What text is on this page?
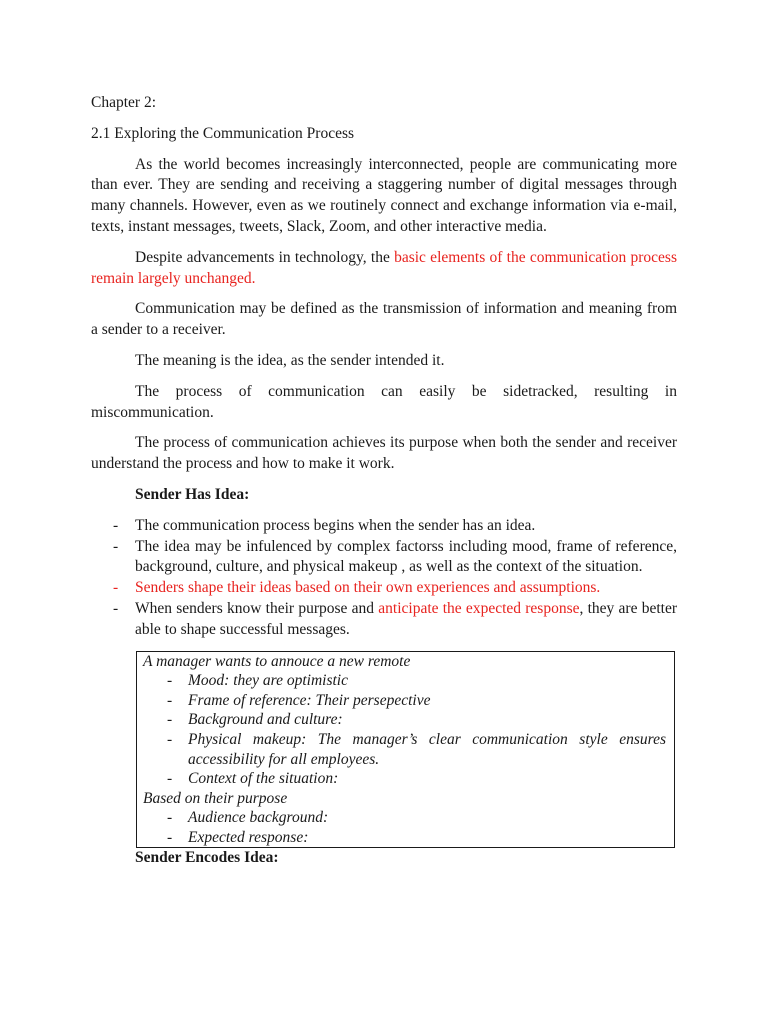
Chapter 2:

2.1 Exploring the Communication Process

As the world becomes increasingly interconnected, people are communicating more than ever. They are sending and receiving a staggering number of digital messages through many channels. However, even as we routinely connect and exchange information via e-mail, texts, instant messages, tweets, Slack, Zoom, and other interactive media.

Despite advancements in technology, the basic elements of the communication process remain largely unchanged.

Communication may be defined as the transmission of information and meaning from a sender to a receiver.

The meaning is the idea, as the sender intended it.

The process of communication can easily be sidetracked, resulting in miscommunication.

The process of communication achieves its purpose when both the sender and receiver understand the process and how to make it work.

Sender Has Idea:

- The communication process begins when the sender has an idea.
- The idea may be infulenced by complex factorss including mood, frame of reference, background, culture, and physical makeup , as well as the context of the situation.
- Senders shape their ideas based on their own experiences and assumptions.
- When senders know their purpose and anticipate the expected response, they are better able to shape successful messages.

A manager wants to annouce a new remote

- Mood: they are optimistic
- Frame of reference: Their persepective
- Background and culture:
- Physical makeup: The manager’s clear communication style ensures accessibility for all employees.
- Context of the situation:

Based on their purpose

- Audience background:
- Expected response:

Sender Encodes Idea:
